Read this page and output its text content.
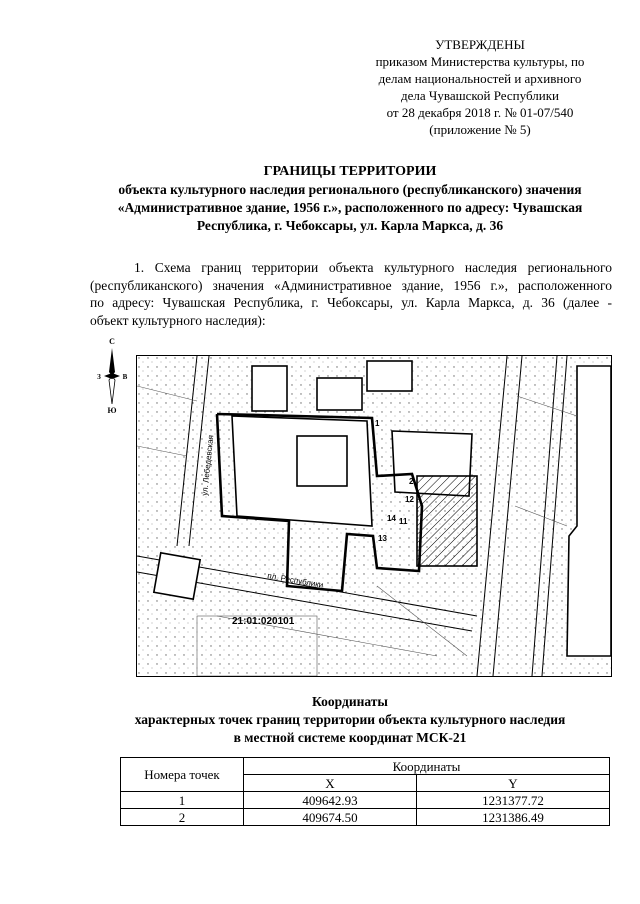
УТВЕРЖДЕНЫ
приказом Министерства культуры, по
делам национальностей и архивного
дела Чувашской Республики
от 28 декабря 2018 г. № 01-07/540
(приложение № 5)
ГРАНИЦЫ ТЕРРИТОРИИ
объекта культурного наследия регионального (республиканского) значения
«Административное здание, 1956 г.», расположенного по адресу: Чувашская
Республика, г. Чебоксары, ул. Карла Маркса, д. 36
1. Схема границ территории объекта культурного наследия регионального
(республиканского) значения «Административное здание, 1956 г.», расположенного
по адресу: Чувашская Республика, г. Чебоксары, ул. Карла Маркса, д. 36 (далее -
объект культурного наследия):
С
З	В
Ю
ул. Лебедевская
пл. Республики
21:01:020101
1
2
11
12
13
14
Координаты
характерных точек границ территории объекта культурного наследия
в местной системе координат МСК-21
Номера точек	Координаты	
	X	Y
1	409642.93	1231377.72
2	409674.50	1231386.49
